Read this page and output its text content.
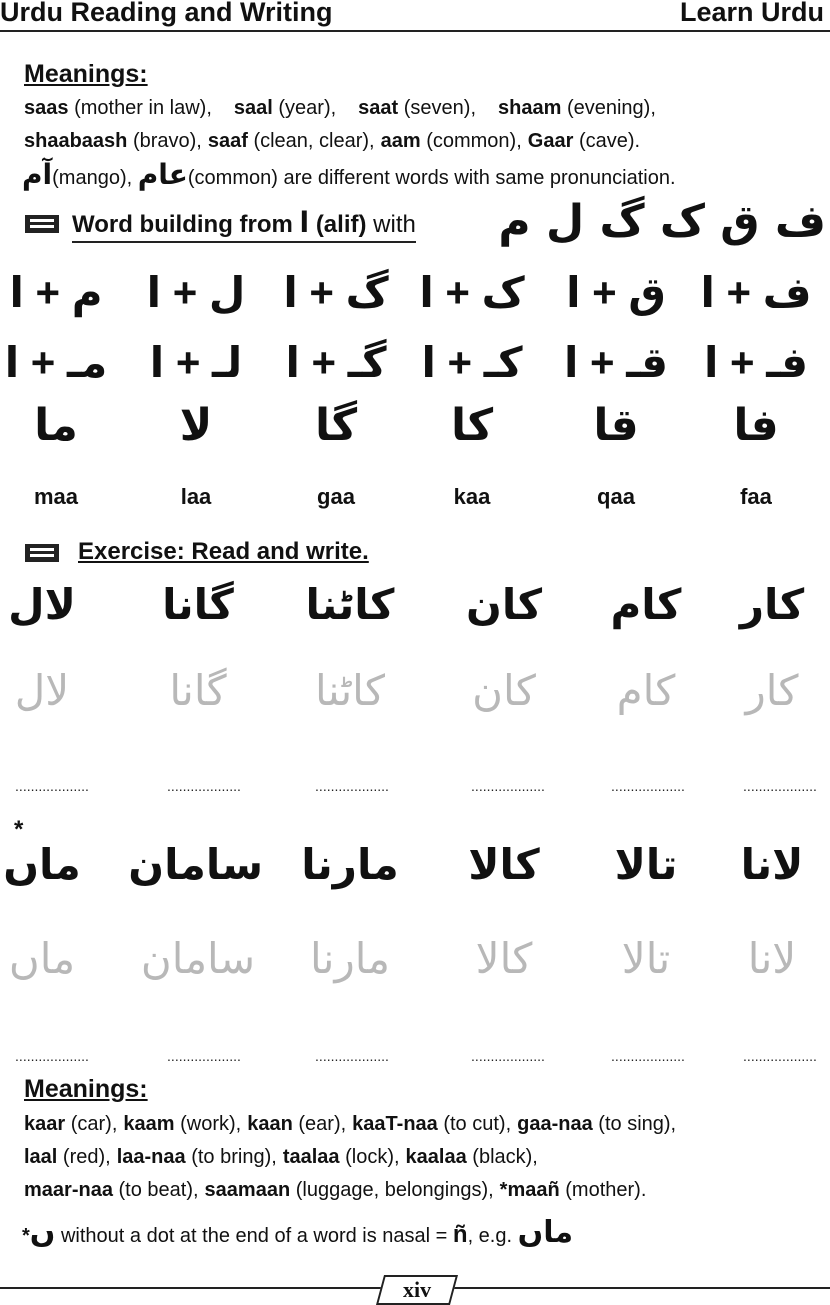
Urdu Reading and Writing	Learn Urdu
Meanings:
saas (mother in law), saal (year), saat (seven), shaam (evening),
shaabaash (bravo), saaf (clean, clear), aam (common), Gaar (cave).
آم(mango), عام(common) are different words with same pronunciation.
Word building from ا (alif) with ف ق ک گ ل م
ف + ا
ق + ا
ک + ا
گ + ا
ل + ا
م + ا
فـ + ا
قـ + ا
کـ + ا
گـ + ا
لـ + ا
مـ + ا
فا
قا
کا
گا
لا
ما
faa
qaa
kaa
gaa
laa
maa
Exercise: Read and write.
کار
کار
...................
کام
کام
...................
کان
کان
...................
کاٹنا
کاٹنا
...................
گانا
گانا
...................
لال
لال
...................
لانا
لانا
...................
تالا
تالا
...................
کالا
کالا
...................
مارنا
مارنا
...................
سامان
سامان
...................
ماں
ماں
...................
*
Meanings:
kaar (car), kaam (work), kaan (ear), kaaT-naa (to cut), gaa-naa (to sing),
laal (red), laa-naa (to bring), taalaa (lock), kaalaa (black),
maar-naa (to beat), saamaan (luggage, belongings), *maañ (mother).
*ں without a dot at the end of a word is nasal = ñ, e.g. ماں
xiv
